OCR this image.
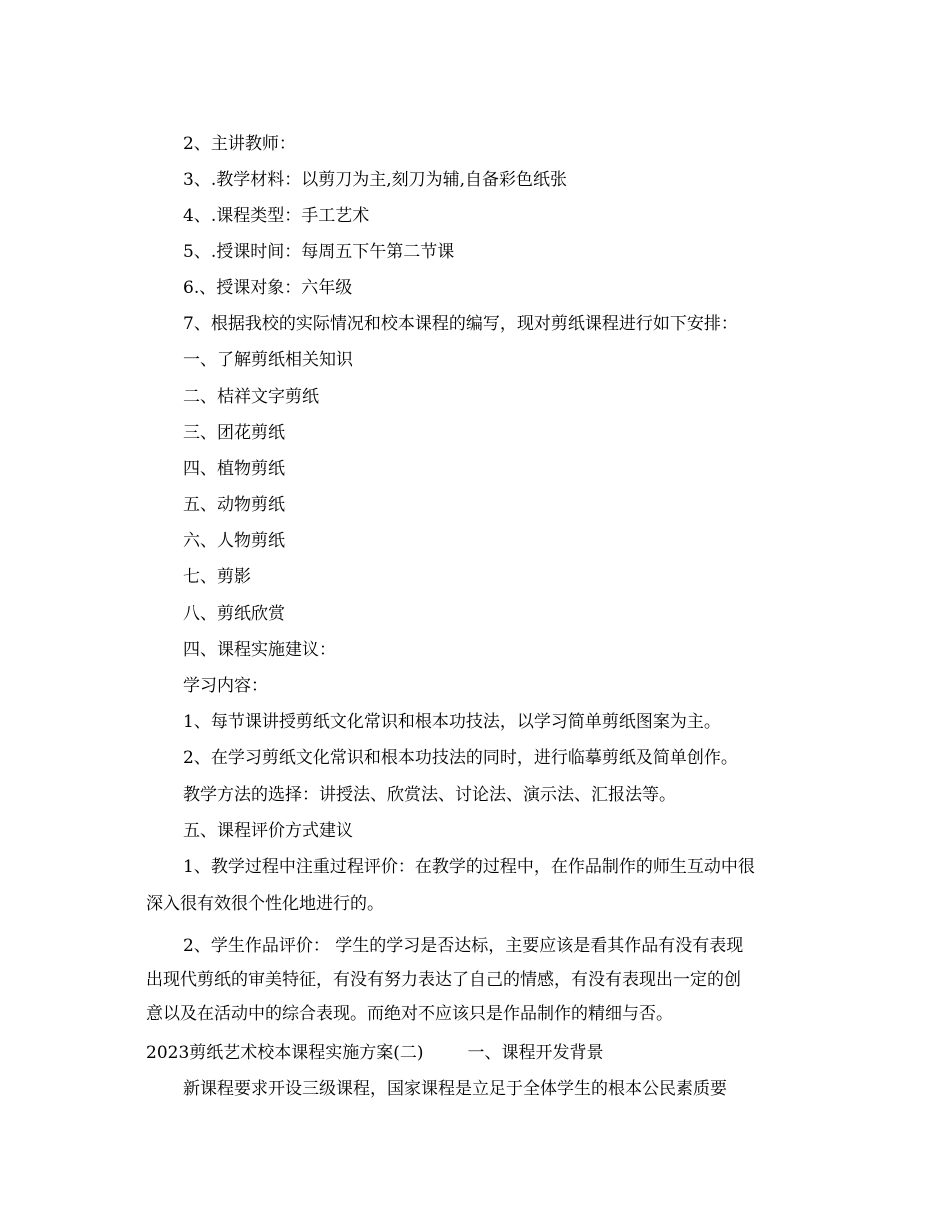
2、主讲教师：
3、.教学材料：以剪刀为主,刻刀为辅,自备彩色纸张
4、.课程类型：手工艺术
5、.授课时间：每周五下午第二节课
6.、授课对象：六年级
7、根据我校的实际情况和校本课程的编写，现对剪纸课程进行如下安排：
一、了解剪纸相关知识
二、桔祥文字剪纸
三、团花剪纸
四、植物剪纸
五、动物剪纸
六、人物剪纸
七、剪影
八、剪纸欣赏
四、课程实施建议：
学习内容：
1、每节课讲授剪纸文化常识和根本功技法，以学习简单剪纸图案为主。
2、在学习剪纸文化常识和根本功技法的同时，进行临摹剪纸及简单创作。
教学方法的选择：讲授法、欣赏法、讨论法、演示法、汇报法等。
五、课程评价方式建议
1、教学过程中注重过程评价：在教学的过程中，在作品制作的师生互动中很
深入很有效很个性化地进行的。
2、学生作品评价： 学生的学习是否达标，主要应该是看其作品有没有表现
出现代剪纸的审美特征，有没有努力表达了自己的情感，有没有表现出一定的创
意以及在活动中的综合表现。而绝对不应该只是作品制作的精细与否。
2023剪纸艺术校本课程实施方案(二)	一、课程开发背景
新课程要求开设三级课程，国家课程是立足于全体学生的根本公民素质要
